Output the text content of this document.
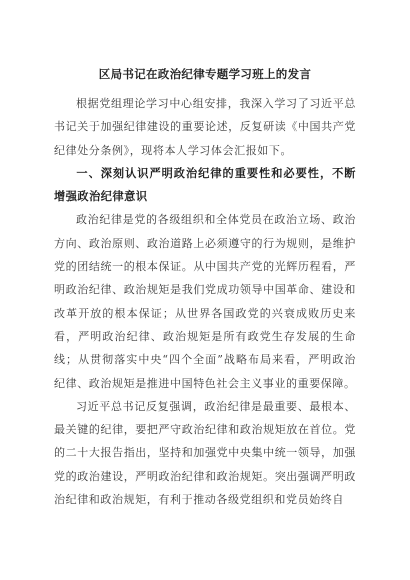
区局书记在政治纪律专题学习班上的发言

根据党组理论学习中心组安排，我深入学习了习近平总书记关于加强纪律建设的重要论述，反复研读《中国共产党纪律处分条例》，现将本人学习体会汇报如下。

一、深刻认识严明政治纪律的重要性和必要性，不断增强政治纪律意识

政治纪律是党的各级组织和全体党员在政治立场、政治方向、政治原则、政治道路上必须遵守的行为规则，是维护党的团结统一的根本保证。从中国共产党的光辉历程看，严明政治纪律、政治规矩是我们党成功领导中国革命、建设和改革开放的根本保证；从世界各国政党的兴衰成败历史来看，严明政治纪律、政治规矩是所有政党生存发展的生命线；从贯彻落实中央“四个全面”战略布局来看，严明政治纪律、政治规矩是推进中国特色社会主义事业的重要保障。

习近平总书记反复强调，政治纪律是最重要、最根本、最关键的纪律，要把严守政治纪律和政治规矩放在首位。党的二十大报告指出，坚持和加强党中央集中统一领导，加强党的政治建设，严明政治纪律和政治规矩。突出强调严明政治纪律和政治规矩，有利于推动各级党组织和党员始终自
